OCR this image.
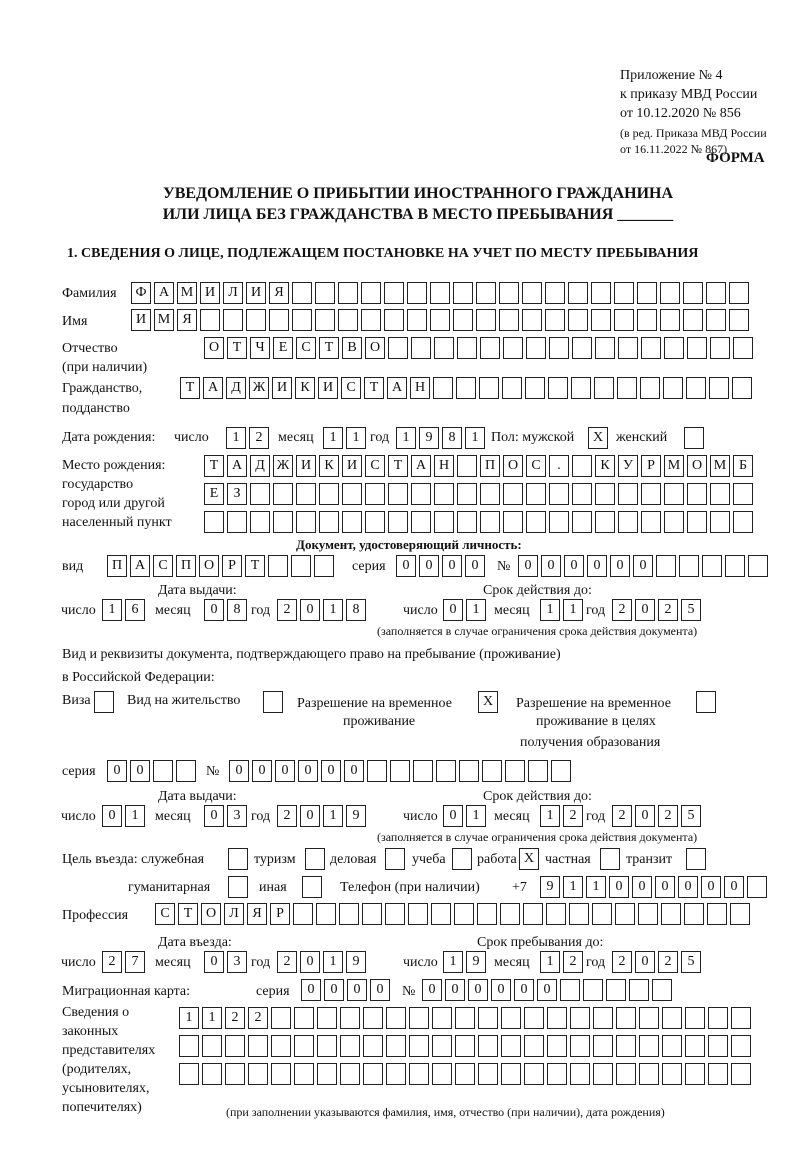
Приложение № 4
к приказу МВД России
от 10.12.2020 № 856
(в ред. Приказа МВД России
от 16.11.2022 № 867)
ФОРМА
УВЕДОМЛЕНИЕ О ПРИБЫТИИ ИНОСТРАННОГО ГРАЖДАНИНА
ИЛИ ЛИЦА БЕЗ ГРАЖДАНСТВА В МЕСТО ПРЕБЫВАНИЯ _______
1. СВЕДЕНИЯ О ЛИЦЕ, ПОДЛЕЖАЩЕМ ПОСТАНОВКЕ НА УЧЕТ ПО МЕСТУ ПРЕБЫВАНИЯ
Фамилия	Ф А М И Л И Я
Имя	И М Я
Отчество
(при наличии)
О Т	Ч	Е	С	Т	В О
Гражданство,
подданство
Т А Д Ж И К И С	Т А Н
Дата рождения: число	1	2	месяц	1	1 год 1	9	8	1 Пол: мужской	X женский
Место рождения:
государство
город или другой
населенный пункт
Т А Д Ж И К И С	Т А Н	П О С	.	К У	Р М О М Б
Е	З
Документ, удостоверяющий личность:
вид	П А С П О	Р	Т	серия	0	0	0	0	№	0	0	0	0	0	0
Дата выдачи:	Срок действия до:
число 1	6	месяц	0	8 год 2	0	1	8	число 0	1	месяц	1	1 год 2	0	2	5
(заполняется в случае ограничения срока действия документа)
Вид и реквизиты документа, подтверждающего право на пребывание (проживание)
в Российской Федерации:
Виза	Вид на жительство	Разрешение на временное
проживание
X	Разрешение на временное
проживание в целях
получения образования
серия	0	0	№	0	0	0	0	0	0
Дата выдачи:	Срок действия до:
число 0	1	месяц	0	3 год 2	0	1	9	число 0	1	месяц	1	2 год 2	0	2	5
(заполняется в случае ограничения срока действия документа)
Цель въезда: служебная	туризм деловая	учеба работа X частная	транзит
гуманитарная	иная	Телефон (при наличии) +7	9	1	1	0	0	0	0	0	0
Профессия	С	Т О Л Я	Р
Дата въезда:	Срок пребывания до:
число 2	7	месяц	0	3 год 2	0	1	9	число 1	9	месяц	1	2 год 2	0	2	5
Миграционная карта:	серия	0	0	0	0	№ 0	0	0	0	0	0
Сведения о
законных
представителях
(родителях,
усыновителях,
попечителях)
1	1	2	2
(при заполнении указываются фамилия, имя, отчество (при наличии), дата рождения)
